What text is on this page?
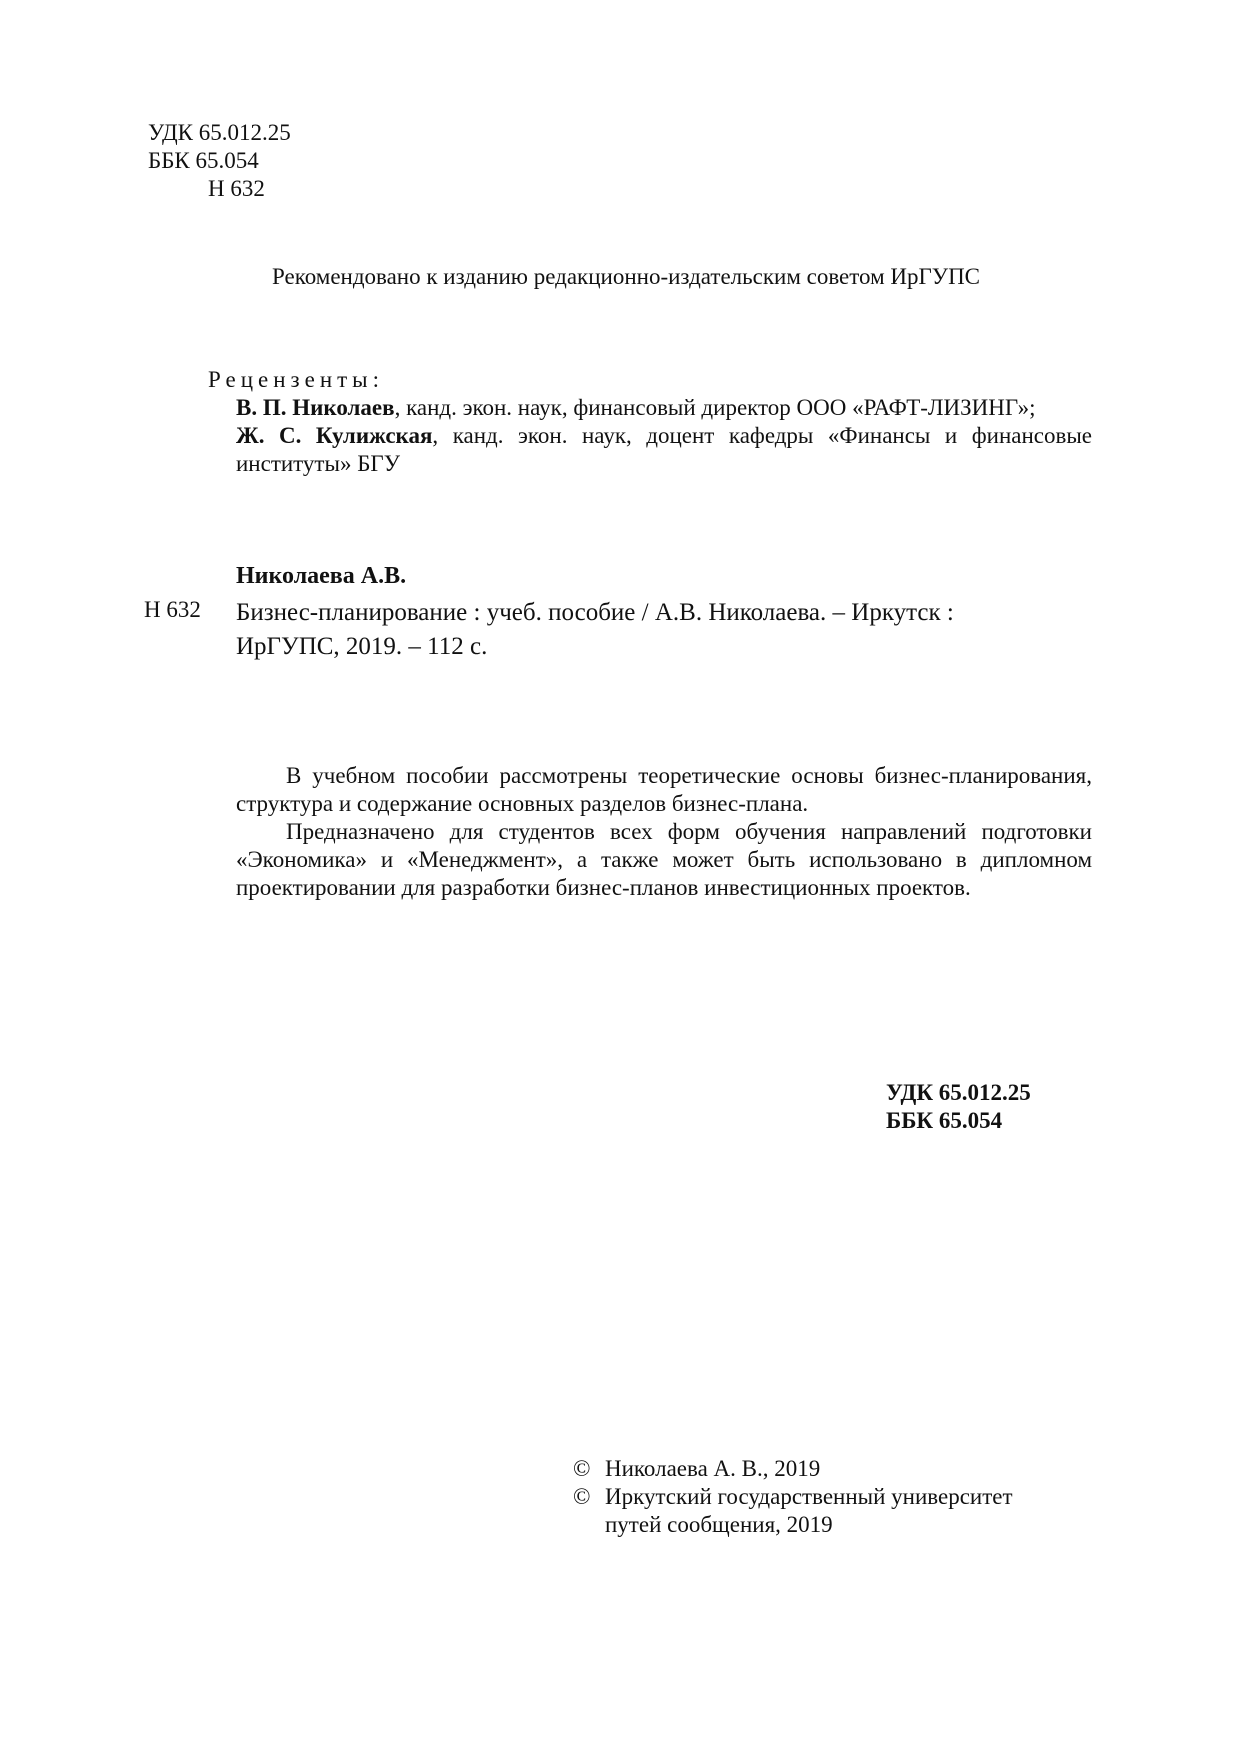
УДК 65.012.25
ББК 65.054
Н 632
Рекомендовано к изданию редакционно-издательским советом ИрГУПС
Рецензенты:

В. П. Николаев, канд. экон. наук, финансовый директор ООО «РАФТ-ЛИЗИНГ»;

Ж. С. Кулижская, канд. экон. наук, доцент кафедры «Финансы и финансовые институты» БГУ

Николаева А.В.
Н 632 Бизнес-планирование : учеб. пособие / А.В. Николаева. – Иркутск :
ИрГУПС, 2019. – 112 с.

В учебном пособии рассмотрены теоретические основы бизнес-планирования, структура и содержание основных разделов бизнес-плана.

Предназначено для студентов всех форм обучения направлений подготовки «Экономика» и «Менеджмент», а также может быть использовано в дипломном проектировании для разработки бизнес-планов инвестиционных проектов.

УДК 65.012.25
ББК 65.054
© Николаева А. В., 2019
© Иркутский государственный университет
путей сообщения, 2019
